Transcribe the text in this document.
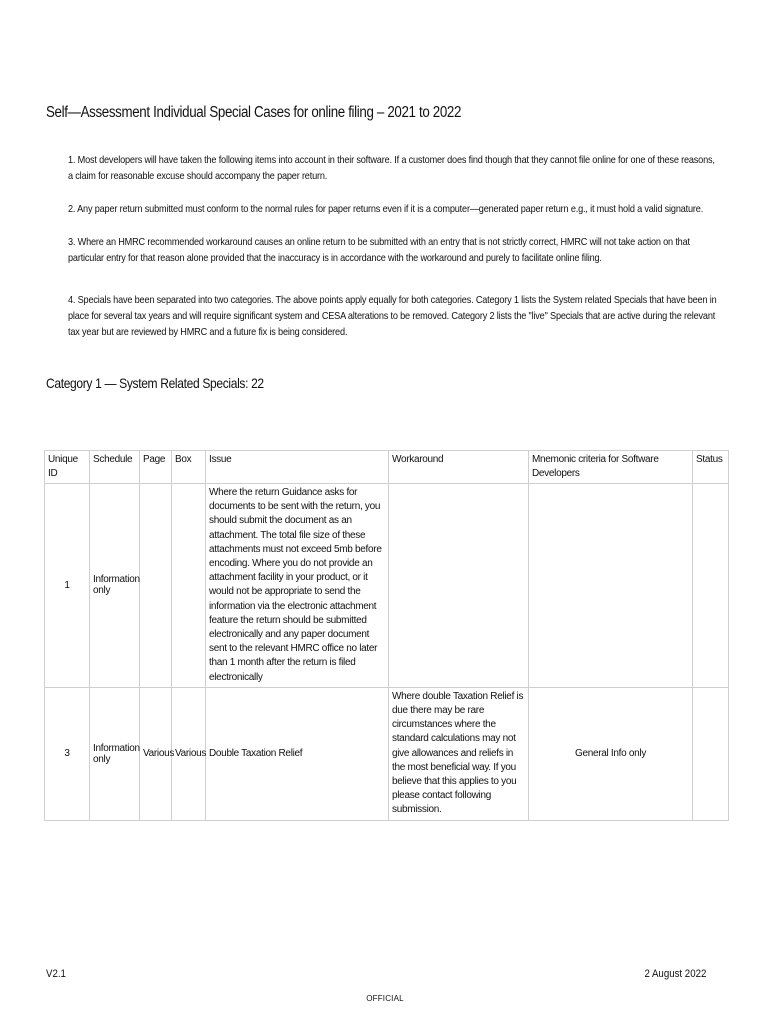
Self—Assessment Individual Special Cases for online filing – 2021 to 2022
1. Most developers will have taken the following items into account in their software. If a customer does find though that they cannot file online for one of these reasons, a claim for reasonable excuse should accompany the paper return.
2. Any paper return submitted must conform to the normal rules for paper returns even if it is a computer—generated paper return e.g., it must hold a valid signature.
3. Where an HMRC recommended workaround causes an online return to be submitted with an entry that is not strictly correct, HMRC will not take action on that particular entry for that reason alone provided that the inaccuracy is in accordance with the workaround and purely to facilitate online filing.
4. Specials have been separated into two categories. The above points apply equally for both categories. Category 1 lists the System related Specials that have been in place for several tax years and will require significant system and CESA alterations to be removed. Category 2 lists the "live" Specials that are active during the relevant tax year but are reviewed by HMRC and a future fix is being considered.
Category 1 — System Related Specials: 22
Unique ID	Schedule	Page	Box	Issue	Workaround	Mnemonic criteria for Software Developers	Status
1	Information only			Where the return Guidance asks for documents to be sent with the return, you should submit the document as an attachment. The total file size of these attachments must not exceed 5mb before encoding. Where you do not provide an attachment facility in your product, or it would not be appropriate to send the information via the electronic attachment feature the return should be submitted electronically and any paper document sent to the relevant HMRC office no later than 1 month after the return is filed electronically			
3	Information only	Various	Various	Double Taxation Relief	Where double Taxation Relief is due there may be rare circumstances where the standard calculations may not give allowances and reliefs in the most beneficial way. If you believe that this applies to you please contact following submission.	General Info only	
V2.1	2 August 2022
OFFICIAL
